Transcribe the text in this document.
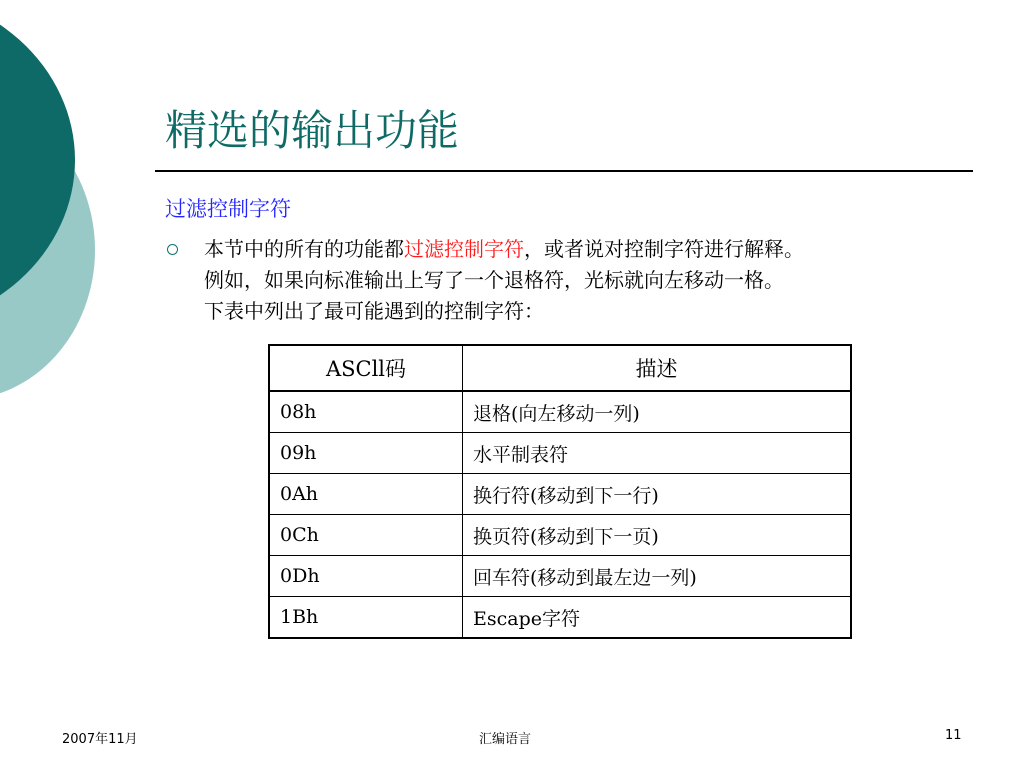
精选的输出功能
过滤控制字符
本节中的所有的功能都过滤控制字符，或者说对控制字符进行解释。
例如，如果向标准输出上写了一个退格符，光标就向左移动一格。
下表中列出了最可能遇到的控制字符：
ASCll码	描述
08h	退格(向左移动一列)
09h	水平制表符
0Ah	换行符(移动到下一行)
0Ch	换页符(移动到下一页)
0Dh	回车符(移动到最左边一列)
1Bh	Escape字符
2007年11月	汇编语言	11
